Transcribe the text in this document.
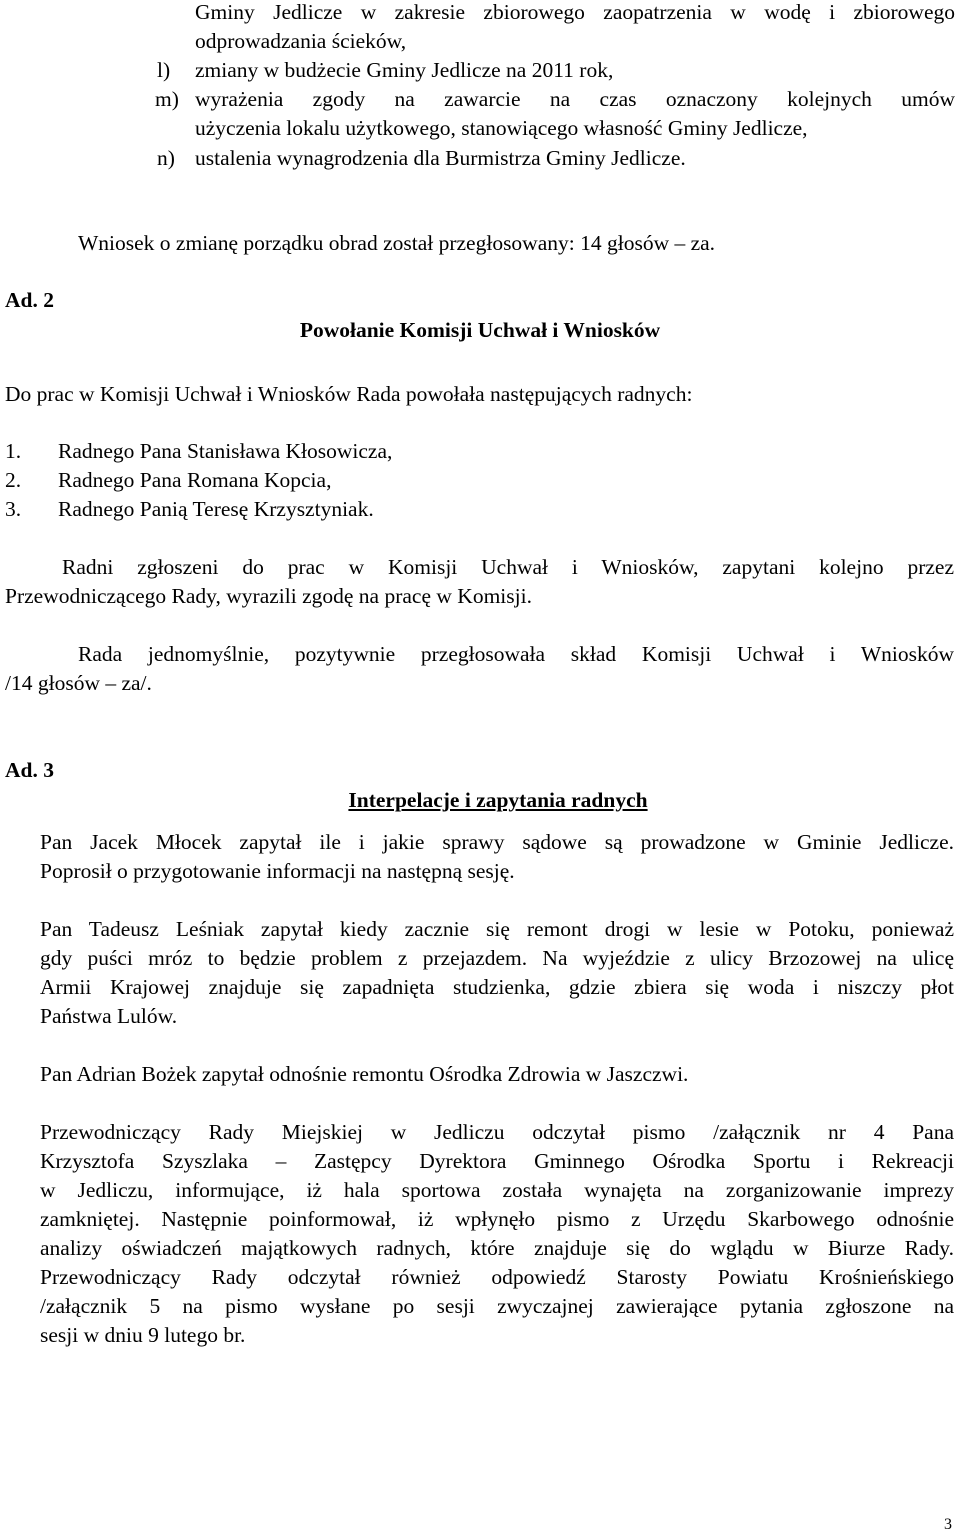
Gminy Jedlicze w zakresie zbiorowego zaopatrzenia w wodę i zbiorowego
odprowadzania ścieków,
l) zmiany w budżecie Gminy Jedlicze na 2011 rok,
m) wyrażenia zgody na zawarcie na czas oznaczony kolejnych umów
użyczenia lokalu użytkowego, stanowiącego własność Gminy Jedlicze,
n) ustalenia wynagrodzenia dla Burmistrza Gminy Jedlicze.
Wniosek o zmianę porządku obrad został przegłosowany: 14 głosów – za.
Ad. 2
Powołanie Komisji Uchwał i Wniosków
Do prac w Komisji Uchwał i Wniosków Rada powołała następujących radnych:
1. Radnego Pana Stanisława Kłosowicza,
2. Radnego Pana Romana Kopcia,
3. Radnego Panią Teresę Krzysztyniak.
Radni zgłoszeni do prac w Komisji Uchwał i Wniosków, zapytani kolejno przez
Przewodniczącego Rady, wyrazili zgodę na pracę w Komisji.
Rada jednomyślnie, pozytywnie przegłosowała skład Komisji Uchwał i Wniosków
/14 głosów – za/.
Ad. 3
Interpelacje i zapytania radnych
Pan Jacek Młocek zapytał ile i jakie sprawy sądowe są prowadzone w Gminie Jedlicze.
Poprosił o przygotowanie informacji na następną sesję.
Pan Tadeusz Leśniak zapytał kiedy zacznie się remont drogi w lesie w Potoku, ponieważ
gdy puści mróz to będzie problem z przejazdem. Na wyjeździe z ulicy Brzozowej na ulicę
Armii Krajowej znajduje się zapadnięta studzienka, gdzie zbiera się woda i niszczy płot
Państwa Lulów.
Pan Adrian Bożek zapytał odnośnie remontu Ośrodka Zdrowia w Jaszczwi.
Przewodniczący Rady Miejskiej w Jedliczu odczytał pismo /załącznik nr 4 Pana
Krzysztofa Szyszlaka – Zastępcy Dyrektora Gminnego Ośrodka Sportu i Rekreacji
w Jedliczu, informujące, iż hala sportowa została wynajęta na zorganizowanie imprezy
zamkniętej. Następnie poinformował, iż wpłynęło pismo z Urzędu Skarbowego odnośnie
analizy oświadczeń majątkowych radnych, które znajduje się do wglądu w Biurze Rady.
Przewodniczący Rady odczytał również odpowiedź Starosty Powiatu Krośnieńskiego
/załącznik 5 na pismo wysłane po sesji zwyczajnej zawierające pytania zgłoszone na
sesji w dniu 9 lutego br.
3
